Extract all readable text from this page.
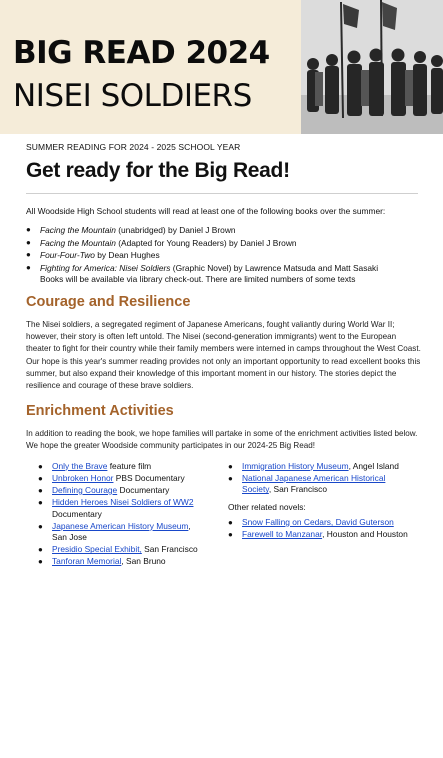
BIG READ 2024
NISEI SOLDIERS
SUMMER READING FOR 2024 - 2025 SCHOOL YEAR
Get ready for the Big Read!
All Woodside High School students will read at least one of the following books over the summer:
● Facing the Mountain (unabridged) by Daniel J Brown
● Facing the Mountain (Adapted for Young Readers) by Daniel J Brown
● Four-Four-Two by Dean Hughes
● Fighting for America: Nisei Soldiers (Graphic Novel) by Lawrence Matsuda and Matt Sasaki
Books will be available via library check-out. There are limited numbers of some texts
Courage and Resilience
The Nisei soldiers, a segregated regiment of Japanese Americans, fought valiantly during World War II; however, their story is often left untold. The Nisei (second-generation immigrants) went to the European theater to fight for their country while their family members were interned in camps throughout the West Coast. Our hope is this year's summer reading provides not only an important opportunity to read excellent books this summer, but also expand their knowledge of this important moment in our history. The stories depict the resilience and courage of these brave soldiers.
Enrichment Activities
In addition to reading the book, we hope families will partake in some of the enrichment activities listed below. We hope the greater Woodside community participates in our 2024-25 Big Read!
● Only the Brave feature film
● Unbroken Honor PBS Documentary
● Defining Courage Documentary
● Hidden Heroes Nisei Soldiers of WW2 Documentary
● Japanese American History Museum, San Jose
● Presidio Special Exhibit, San Francisco
● Tanforan Memorial, San Bruno
● Immigration History Museum, Angel Island
● National Japanese American Historical Society, San Francisco
Other related novels:
● Snow Falling on Cedars, David Guterson
● Farewell to Manzanar, Houston and Houston
